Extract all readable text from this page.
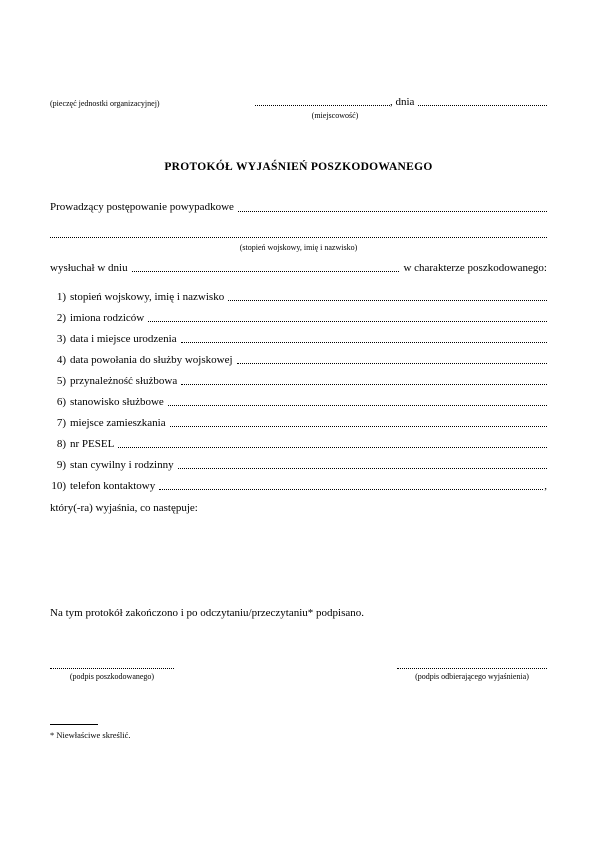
(pieczęć jednostki organizacyjnej)	, dnia
(miejscowość)
PROTOKÓŁ WYJAŚNIEŃ POSZKODOWANEGO
Prowadzący postępowanie powypadkowe
(stopień wojskowy, imię i nazwisko)
wysłuchał w dniu	w charakterze poszkodowanego:
1) stopień wojskowy, imię i nazwisko
2) imiona rodziców
3) data i miejsce urodzenia
4) data powołania do służby wojskowej
5) przynależność służbowa
6) stanowisko służbowe
7) miejsce zamieszkania
8) nr PESEL
9) stan cywilny i rodzinny
10) telefon kontaktowy	,
który(-ra) wyjaśnia, co następuje:
Na tym protokół zakończono i po odczytaniu/przeczytaniu* podpisano.
(podpis poszkodowanego)	(podpis odbierającego wyjaśnienia)
* Niewłaściwe skreślić.
